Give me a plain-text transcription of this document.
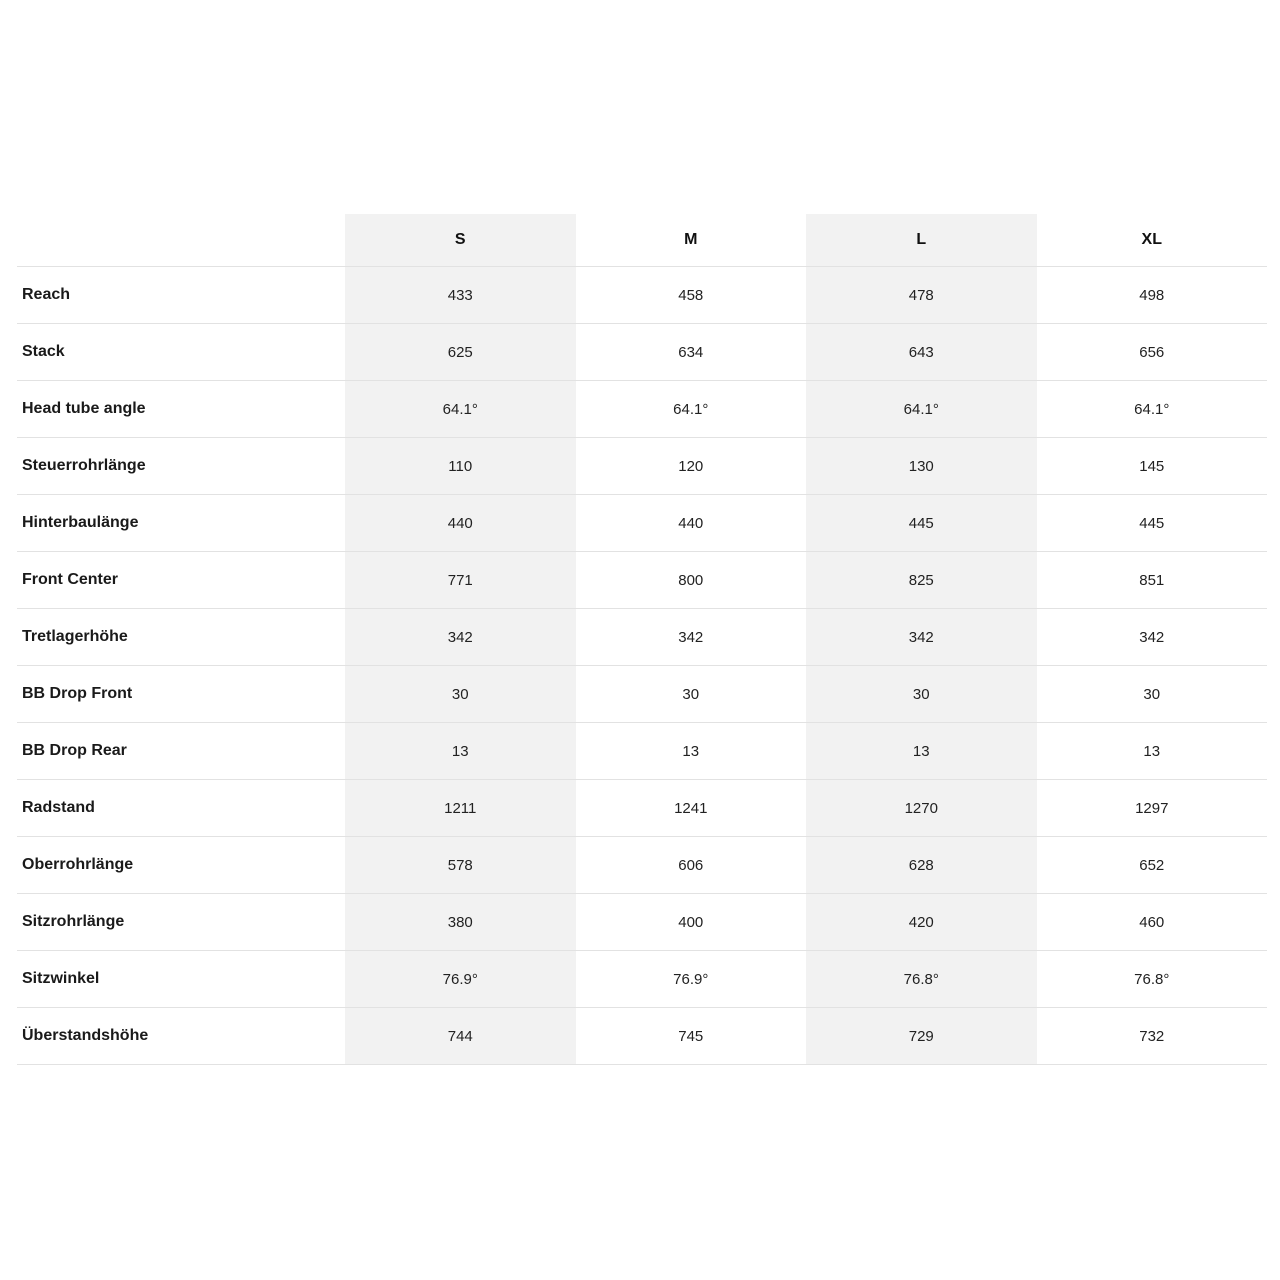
	S	M	L	XL
Reach	433	458	478	498
Stack	625	634	643	656
Head tube angle	64.1°	64.1°	64.1°	64.1°
Steuerrohrlänge	110	120	130	145
Hinterbaulänge	440	440	445	445
Front Center	771	800	825	851
Tretlagerhöhe	342	342	342	342
BB Drop Front	30	30	30	30
BB Drop Rear	13	13	13	13
Radstand	1211	1241	1270	1297
Oberrohrlänge	578	606	628	652
Sitzrohrlänge	380	400	420	460
Sitzwinkel	76.9°	76.9°	76.8°	76.8°
Überstandshöhe	744	745	729	732
